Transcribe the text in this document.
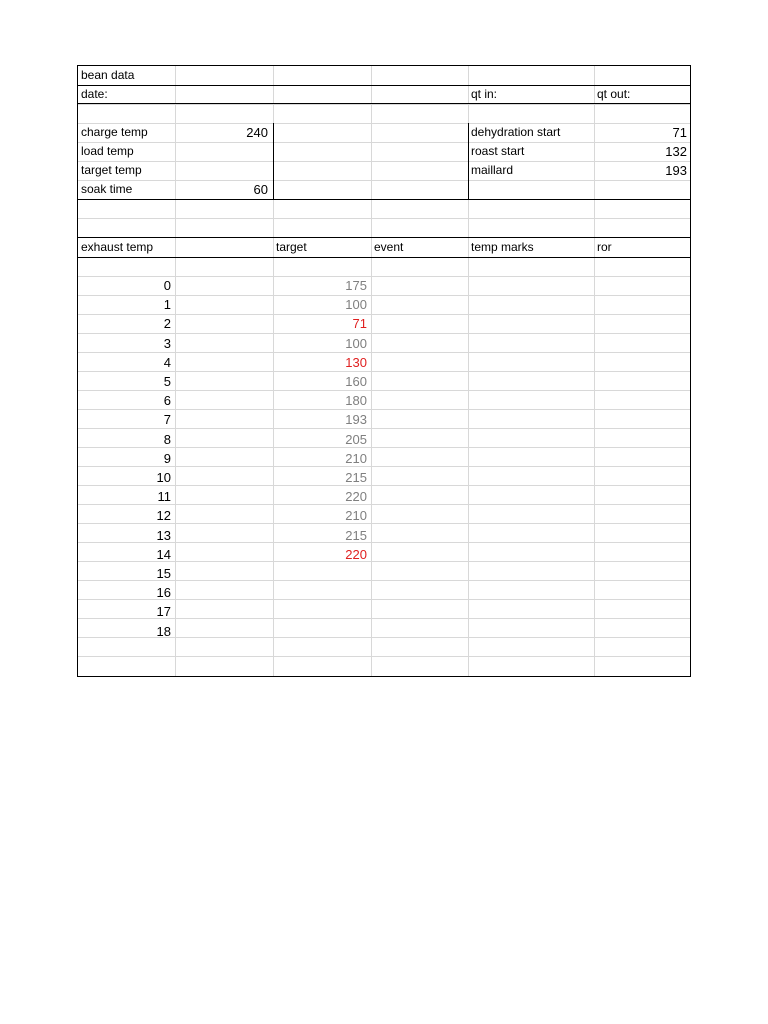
bean data
date:	qt in:	qt out:
charge temp	240
load temp
target temp
soak time	60
dehydration start	71
roast start	132
maillard	193
exhaust temp	target	event	temp marks	ror
0	175
1	100
2	71
3	100
4	130
5	160
6	180
7	193
8	205
9	210
10	215
11	220
12	210
13	215
14	220
15
16
17
18
